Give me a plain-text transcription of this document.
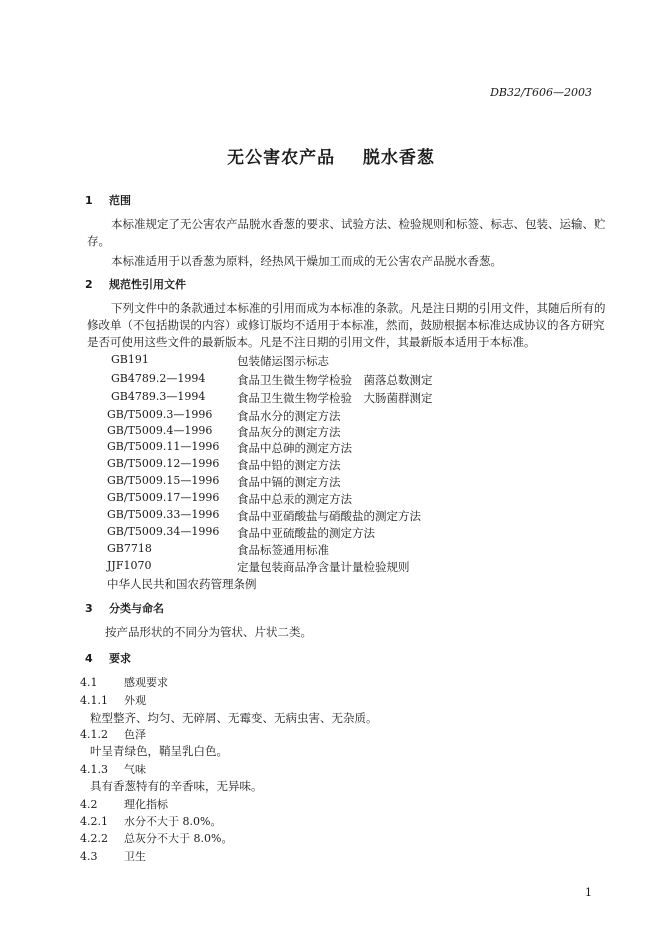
DB32/T606—2003
无公害农产品    脱水香葱
1 范围
本标准规定了无公害农产品脱水香葱的要求、试验方法、检验规则和标签、标志、包装、运输、贮存。
本标准适用于以香葱为原料，经热风干燥加工而成的无公害农产品脱水香葱。
2 规范性引用文件
下列文件中的条款通过本标准的引用而成为本标准的条款。凡是注日期的引用文件，其随后所有的修改单（不包括勘误的内容）或修订版均不适用于本标准，然而，鼓励根据本标准达成协议的各方研究是否可使用这些文件的最新版本。凡是不注日期的引用文件，其最新版本适用于本标准。
GB191	包装储运图示标志
GB4789.2—1994	食品卫生微生物学检验　菌落总数测定
GB4789.3—1994	食品卫生微生物学检验　大肠菌群测定
GB/T5009.3—1996 食品水分的测定方法
GB/T5009.4—1996 食品灰分的测定方法
GB/T5009.11—1996 食品中总砷的测定方法
GB/T5009.12—1996 食品中铅的测定方法
GB/T5009.15—1996 食品中镉的测定方法
GB/T5009.17—1996 食品中总汞的测定方法
GB/T5009.33—1996 食品中亚硝酸盐与硝酸盐的测定方法
GB/T5009.34—1996 食品中亚硫酸盐的测定方法
GB7718	食品标签通用标准
JJF1070	定量包装商品净含量计量检验规则
中华人民共和国农药管理条例
3 分类与命名
按产品形状的不同分为管状、片状二类。
4 要求
4.1 感观要求
4.1.1 外观
粒型整齐、均匀、无碎屑、无霉变、无病虫害、无杂质。
4.1.2 色泽
叶呈青绿色，鞘呈乳白色。
4.1.3 气味
具有香葱特有的辛香味，无异味。
4.2 理化指标
4.2.1 水分不大于 8.0%。
4.2.2 总灰分不大于 8.0%。
4.3 卫生
1
